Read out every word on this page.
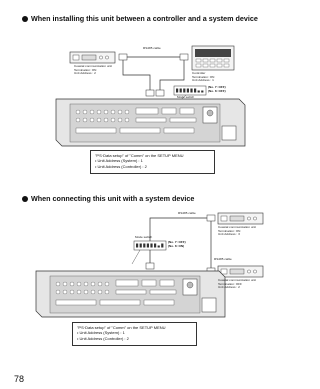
When installing this unit between a controller and a system device
RS485 cable
Coaxial communication unit
Termination: ON
Unit Address : 2	Controller
Termination: ON
Unit Address : 1
(No. 7: OFF)
(No. 8: OFF)
Mode switch
"PS·Data setup" of "Comm" on the SETUP MENU
• Unit Address (System) : 1
• Unit Address (Controller) : 2
When connecting this unit with a system device
RS485 cable
Coaxial communication unit
Termination: ON
Unit Address : 3
Mode switch
(No. 7: OFF)
(No. 8: ON)
RS485 cable
Coaxial communication unit
Termination: OFF
Unit Address : 2
"PS·Data setup" of "Comm" on the SETUP MENU
• Unit Address (System) : 1
• Unit Address (Controller) : 2
78
